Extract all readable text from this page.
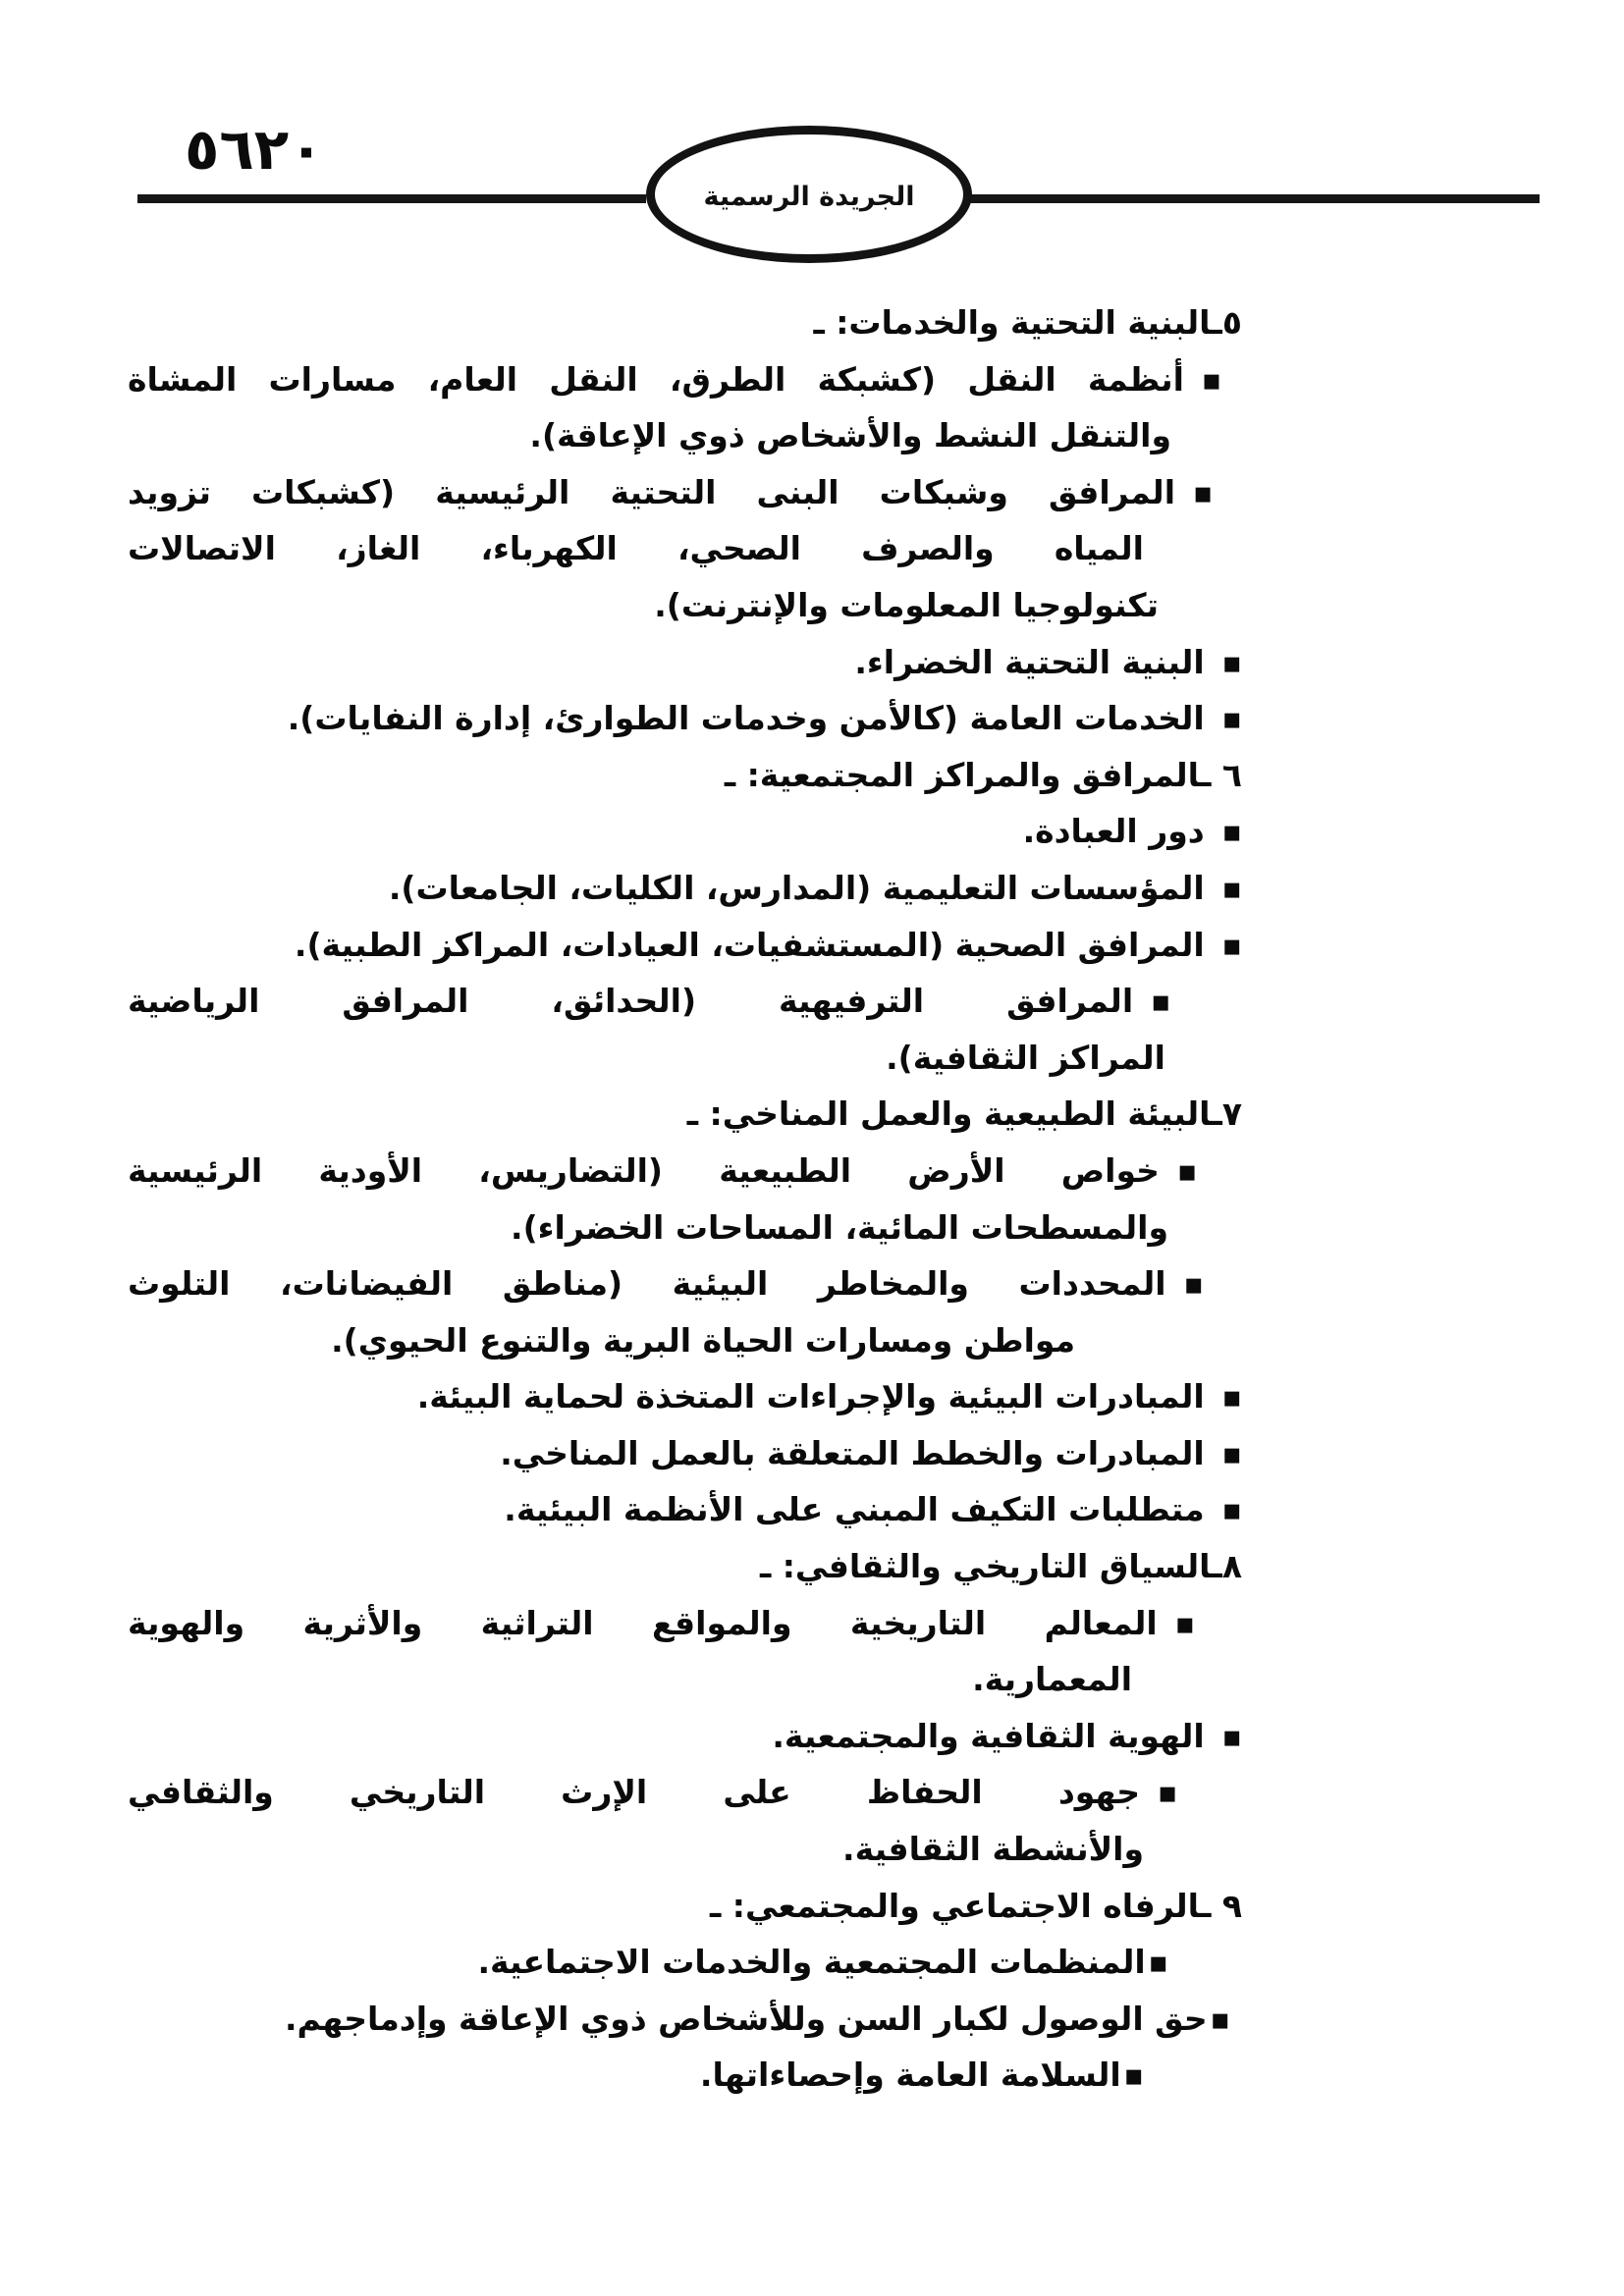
٥٦٢٠
الجريدة الرسمية
٥ـالبنية التحتية والخدمات: ـ
▪أنظمة النقل (كشبكة الطرق، النقل العام، مسارات المشاة
والتنقل النشط والأشخاص ذوي الإعاقة).
▪المرافق وشبكات البنى التحتية الرئيسية (كشبكات تزويد
المياه والصرف الصحي، الكهرباء، الغاز، الاتصالات
تكنولوجيا المعلومات والإنترنت).
▪البنية التحتية الخضراء.
▪الخدمات العامة (كالأمن وخدمات الطوارئ، إدارة النفايات).
٦ ـالمرافق والمراكز المجتمعية: ـ
▪دور العبادة.
▪المؤسسات التعليمية (المدارس، الكليات، الجامعات).
▪المرافق الصحية (المستشفيات، العيادات، المراكز الطبية).
▪المرافق الترفيهية (الحدائق، المرافق الرياضية
المراكز الثقافية).
٧ـالبيئة الطبيعية والعمل المناخي: ـ
▪خواص الأرض الطبيعية (التضاريس، الأودية الرئيسية
والمسطحات المائية، المساحات الخضراء).
▪المحددات والمخاطر البيئية (مناطق الفيضانات، التلوث
مواطن ومسارات الحياة البرية والتنوع الحيوي).
▪المبادرات البيئية والإجراءات المتخذة لحماية البيئة.
▪المبادرات والخطط المتعلقة بالعمل المناخي.
▪متطلبات التكيف المبني على الأنظمة البيئية.
٨ـالسياق التاريخي والثقافي: ـ
▪المعالم التاريخية والمواقع التراثية والأثرية والهوية
المعمارية.
▪الهوية الثقافية والمجتمعية.
▪جهود الحفاظ على الإرث التاريخي والثقافي
والأنشطة الثقافية.
٩ ـالرفاه الاجتماعي والمجتمعي: ـ
▪المنظمات المجتمعية والخدمات الاجتماعية.
▪حق الوصول لكبار السن وللأشخاص ذوي الإعاقة وإدماجهم.
▪السلامة العامة وإحصاءاتها.
